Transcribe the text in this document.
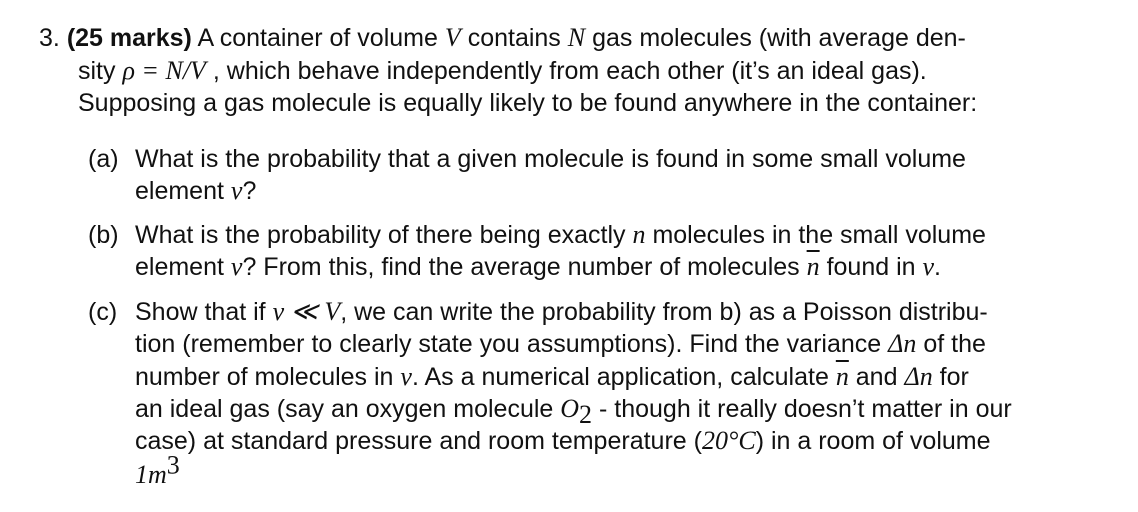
3. (25 marks) A container of volume V contains N gas molecules (with average den-
sity ρ = N/V , which behave independently from each other (it’s an ideal gas).
Supposing a gas molecule is equally likely to be found anywhere in the container:
(a) What is the probability that a given molecule is found in some small volume
element v?
(b) What is the probability of there being exactly n molecules in the small volume
element v? From this, find the average number of molecules $\overline{n}$ found in v.
(c) Show that if v ≪ V, we can write the probability from b) as a Poisson distribu-
tion (remember to clearly state you assumptions). Find the variance Δn of the
number of molecules in v. As a numerical application, calculate $\overline{n}$ and Δn for
an ideal gas (say an oxygen molecule $O_2$ - though it really doesn’t matter in our
case) at standard pressure and room temperature (20°C) in a room of volume
$1m^3$
